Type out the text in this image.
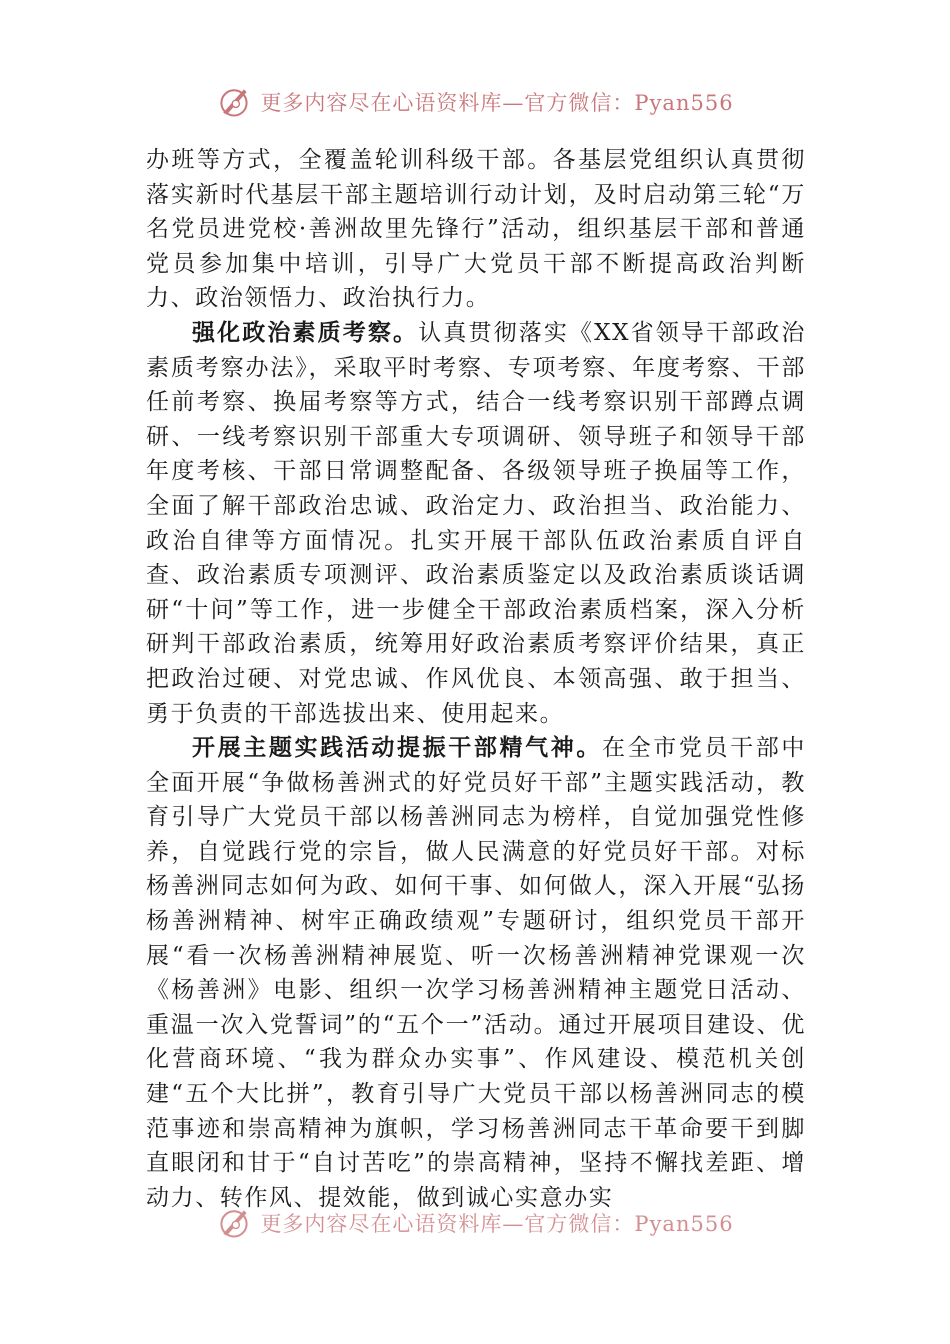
更多内容尽在心语资料库—官方微信：Pyan556

办班等方式，全覆盖轮训科级干部。各基层党组织认真贯彻落实新时代基层干部主题培训行动计划，及时启动第三轮“万名党员进党校·善洲故里先锋行”活动，组织基层干部和普通党员参加集中培训，引导广大党员干部不断提高政治判断力、政治领悟力、政治执行力。

强化政治素质考察。认真贯彻落实《XX省领导干部政治素质考察办法》，采取平时考察、专项考察、年度考察、干部任前考察、换届考察等方式，结合一线考察识别干部蹲点调研、一线考察识别干部重大专项调研、领导班子和领导干部年度考核、干部日常调整配备、各级领导班子换届等工作，全面了解干部政治忠诚、政治定力、政治担当、政治能力、政治自律等方面情况。扎实开展干部队伍政治素质自评自查、政治素质专项测评、政治素质鉴定以及政治素质谈话调研“十问”等工作，进一步健全干部政治素质档案，深入分析研判干部政治素质，统筹用好政治素质考察评价结果，真正把政治过硬、对党忠诚、作风优良、本领高强、敢于担当、勇于负责的干部选拔出来、使用起来。

开展主题实践活动提振干部精气神。在全市党员干部中全面开展“争做杨善洲式的好党员好干部”主题实践活动，教育引导广大党员干部以杨善洲同志为榜样，自觉加强党性修养，自觉践行党的宗旨，做人民满意的好党员好干部。对标杨善洲同志如何为政、如何干事、如何做人，深入开展“弘扬杨善洲精神、树牢正确政绩观”专题研讨，组织党员干部开展“看一次杨善洲精神展览、听一次杨善洲精神党课观一次《杨善洲》电影、组织一次学习杨善洲精神主题党日活动、重温一次入党誓词”的“五个一”活动。通过开展项目建设、优化营商环境、“我为群众办实事”、作风建设、模范机关创建“五个大比拼”，教育引导广大党员干部以杨善洲同志的模范事迹和崇高精神为旗帜，学习杨善洲同志干革命要干到脚直眼闭和甘于“自讨苦吃”的崇高精神，坚持不懈找差距、增动力、转作风、提效能，做到诚心实意办实

更多内容尽在心语资料库—官方微信：Pyan556
